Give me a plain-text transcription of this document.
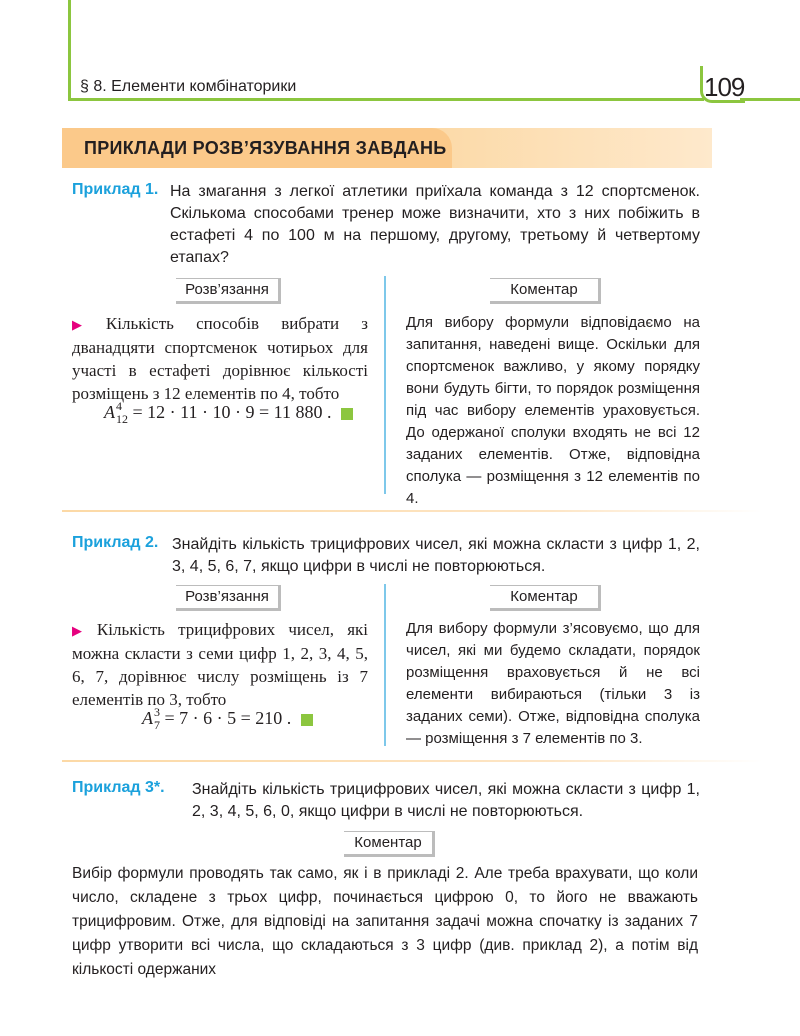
§ 8. Елементи комбінаторики	109
ПРИКЛАДИ РОЗВ’ЯЗУВАННЯ ЗАВДАНЬ
Приклад 1. На змагання з легкої атлетики приїхала команда з 12 спортсменок. Скількома способами тренер може визначити, хто з них побіжить в естафеті 4 по 100 м на першому, другому, третьому й четвертому етапах?
Розв’язання	Коментар
▶ Кількість способів вибрати з дванадцяти спортсменок чотирьох для участі в естафеті дорівнює кількості розміщень з 12 елементів по 4, тобто
$A^4_{12} = 12 \cdot 11 \cdot 10 \cdot 9 = 11$ 880 .
Для вибору формули відповідаємо на запитання, наведені вище. Оскільки для спортсменок важливо, у якому порядку вони будуть бігти, то порядок розміщення під час вибору елементів ураховується. До одержаної сполуки входять не всі 12 заданих елементів. Отже, відповідна сполука — розміщення з 12 елементів по 4.
Приклад 2. Знайдіть кількість трицифрових чисел, які можна скласти з цифр 1, 2, 3, 4, 5, 6, 7, якщо цифри в числі не повторюються.
Розв’язання	Коментар
▶ Кількість трицифрових чисел, які можна скласти з семи цифр 1, 2, 3, 4, 5, 6, 7, дорівнює числу розміщень із 7 елементів по 3, тобто
$A^3_7 = 7 \cdot 6 \cdot 5 = 210$ .
Для вибору формули з’ясовуємо, що для чисел, які ми будемо складати, порядок розміщення враховується й не всі елементи вибираються (тільки 3 із заданих семи). Отже, відповідна сполука — розміщення з 7 елементів по 3.
Приклад 3*. Знайдіть кількість трицифрових чисел, які можна скласти з цифр 1, 2, 3, 4, 5, 6, 0, якщо цифри в числі не повторюються.
Коментар
Вибір формули проводять так само, як і в прикладі 2. Але треба врахувати, що коли число, складене з трьох цифр, починається цифрою 0, то його не вважають трицифровим. Отже, для відповіді на запитання задачі можна спочатку із заданих 7 цифр утворити всі числа, що складаються з 3 цифр (див. приклад 2), а потім від кількості одержаних
